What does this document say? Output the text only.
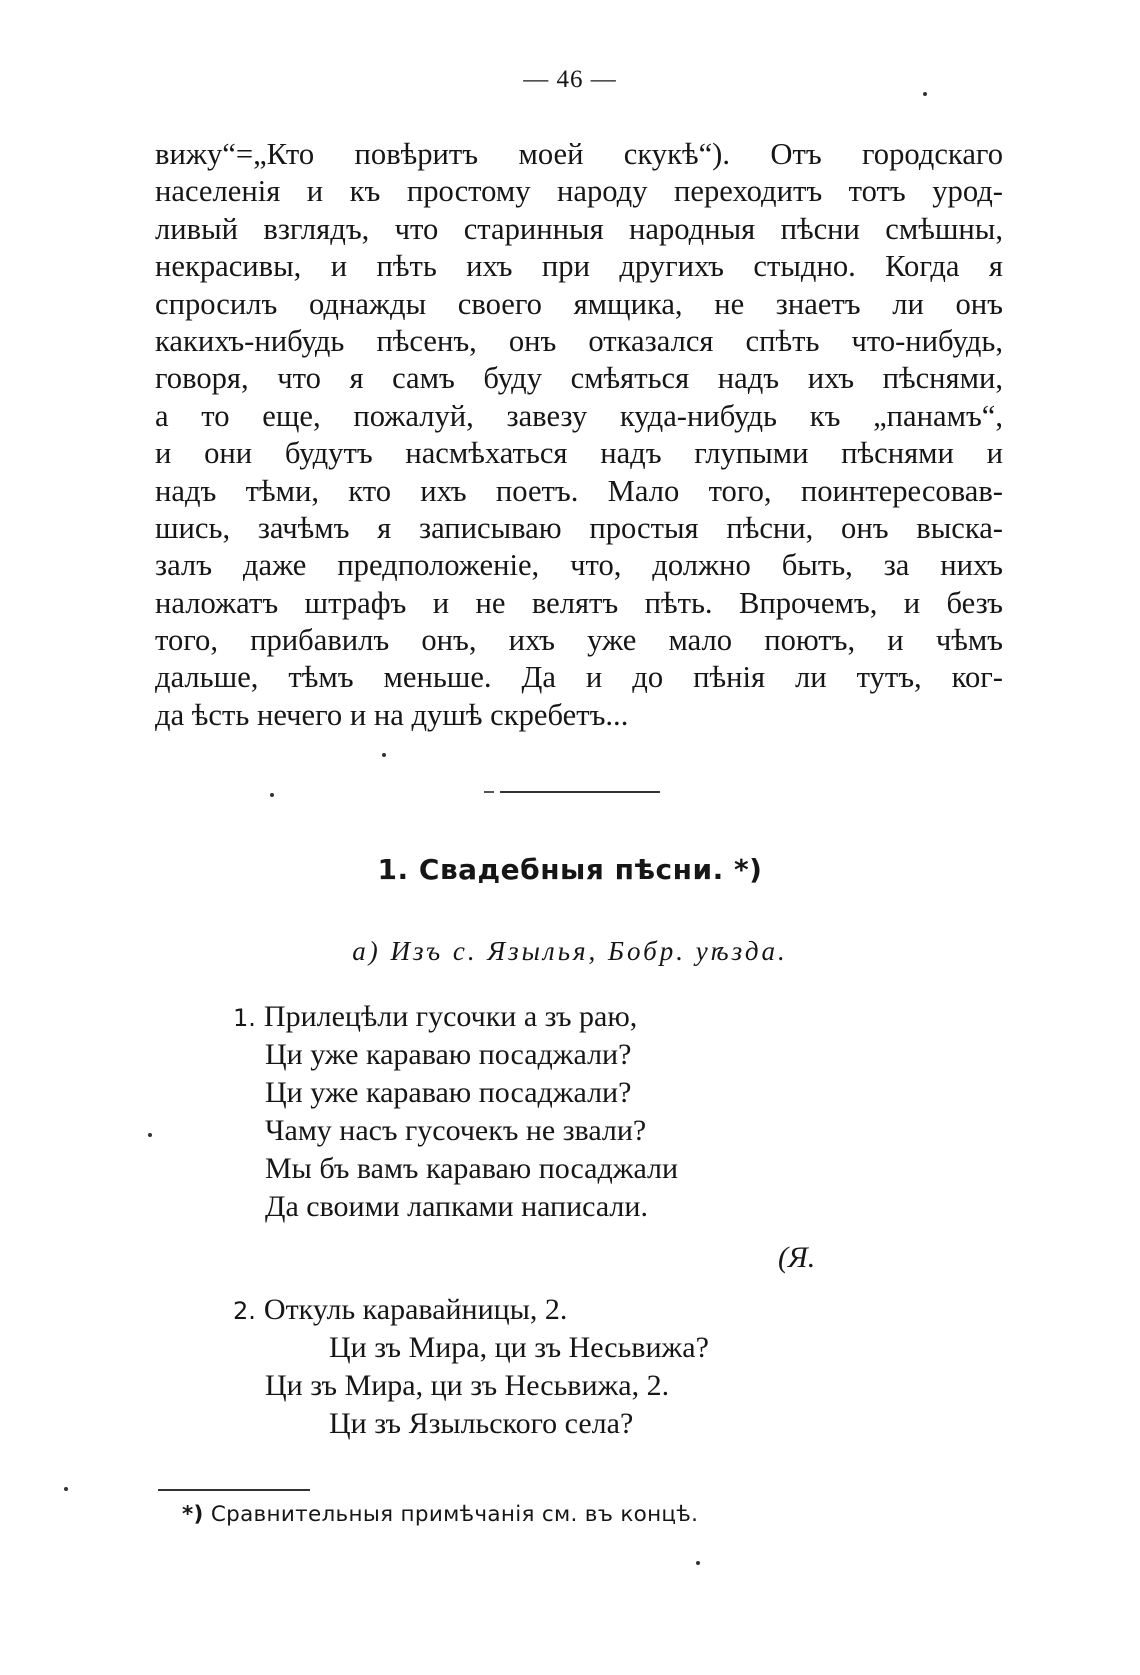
— 46 —
вижу“=„Кто повѣритъ моей скукѣ“). Отъ городскаго
населенія и къ простому народу переходитъ тотъ урод-
ливый взглядъ, что старинныя народныя пѣсни смѣшны,
некрасивы, и пѣть ихъ при другихъ стыдно. Когда я
спросилъ однажды своего ямщика, не знаетъ ли онъ
какихъ-нибудь пѣсенъ, онъ отказался спѣть что-нибудь,
говоря, что я самъ буду смѣяться надъ ихъ пѣснями,
а то еще, пожалуй, завезу куда-нибудь къ „панамъ“,
и они будутъ насмѣхаться надъ глупыми пѣснями и
надъ тѣми, кто ихъ поетъ. Мало того, поинтересовав-
шись, зачѣмъ я записываю простыя пѣсни, онъ выска-
залъ даже предположеніе, что, должно быть, за нихъ
наложатъ штрафъ и не велятъ пѣть. Впрочемъ, и безъ
того, прибавилъ онъ, ихъ уже мало поютъ, и чѣмъ
дальше, тѣмъ меньше. Да и до пѣнія ли тутъ, ког-
да ѣсть нечего и на душѣ скребетъ...
1. Свадебныя пѣсни. *)
а) Изъ с. Язылья, Бобр. уѣзда.
1. Прилецѣли гусочки а зъ раю,
Ци уже караваю посаджали?
Ци уже караваю посаджали?
Чаму насъ гусочекъ не звали?
Мы бъ вамъ караваю посаджали
Да своими лапками написали.
(Я.
2. Откуль каравайницы, 2.
Ци зъ Мира, ци зъ Несьвижа?
Ци зъ Мира, ци зъ Несьвижа, 2.
Ци зъ Языльского села?
*) Сравнительныя примѣчанія см. въ концѣ.
